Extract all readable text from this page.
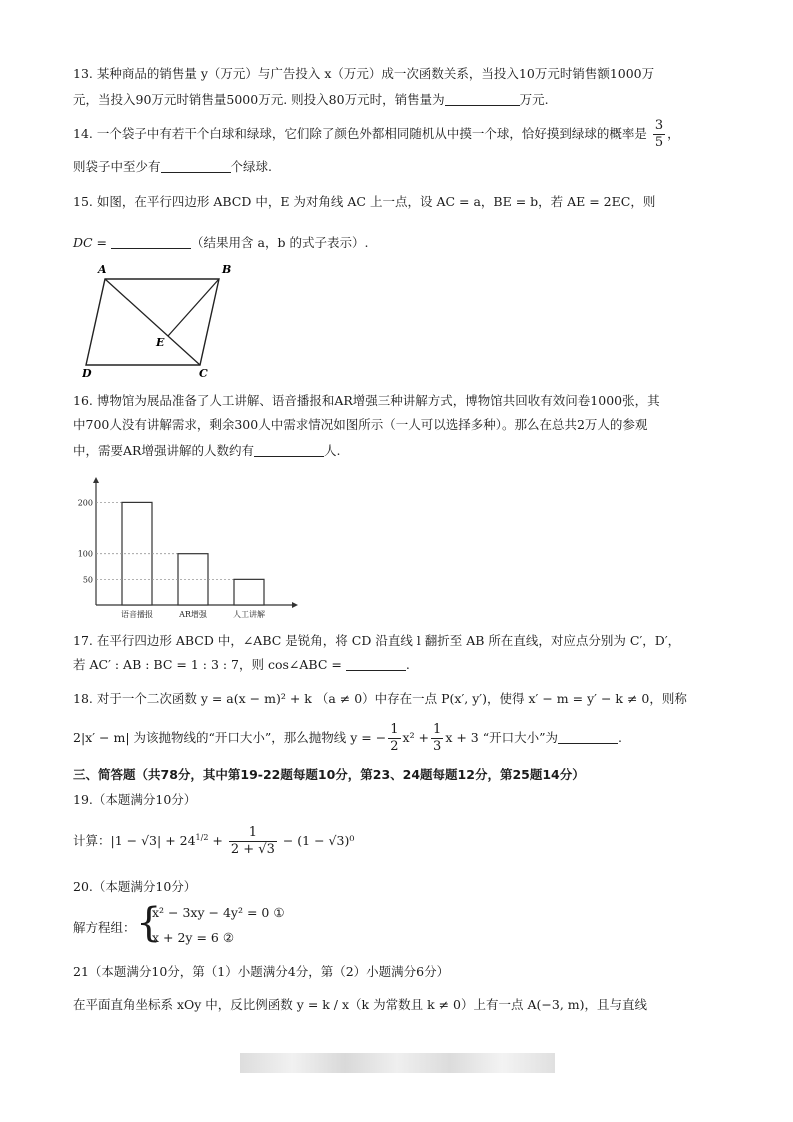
13. 某种商品的销售量 y（万元）与广告投入 x（万元）成一次函数关系，当投入10万元时销售额1000万
元，当投入90万元时销售量5000万元. 则投入80万元时，销售量为	万元.
14. 一个袋子中有若干个白球和绿球，它们除了颜色外都相同随机从中摸一个球，恰好摸到绿球的概率是 $\frac{3}{5}$ ，
则袋子中至少有	个绿球.
15. 如图，在平行四边形 ABCD 中，E 为对角线 AC 上一点，设 AC = a，BE = b，若 AE = 2EC，则
DC =	（结果用含 a，b 的式子表示）.
A	B
C
D
E
16. 博物馆为展品准备了人工讲解、语音播报和AR增强三种讲解方式，博物馆共回收有效问卷1000张，其
中700人没有讲解需求，剩余300人中需求情况如图所示（一人可以选择多种）。那么在总共2万人的参观
中，需要AR增强讲解的人数约有	人.
200
语音播报
100
AR增强
50
人工讲解
17. 在平行四边形 ABCD 中，∠ABC 是锐角，将 CD 沿直线 l 翻折至 AB 所在直线，对应点分别为 C′，D′，
若 AC′ : AB : BC = 1 : 3 : 7，则 cos∠ABC =	.
18. 对于一个二次函数 y = a(x − m)² + k （a ≠ 0）中存在一点 P(x′, y′)，使得 x′ − m = y′ − k ≠ 0，则称
2|x′ − m| 为该抛物线的“开口大小”，那么抛物线 y = − $\frac{1}{2} x^2 + \frac{1}{3}$ x + 3 “开口大小”为	.
三、简答题（共78分，其中第19-22题每题10分，第23、24题每题12分，第25题14分）
19.（本题满分10分）
计算：$|1 - √3| + 24^{1/2} + \frac{1}{2 + √3} - (1 - √3)^0$
20.（本题满分10分）
解方程组： {
x² − 3xy − 4y² = 0 ①
x + 2y = 6 ②
21（本题满分10分，第（1）小题满分4分，第（2）小题满分6分）
在平面直角坐标系 xOy 中，反比例函数 y = k / x（k 为常数且 k ≠ 0）上有一点 A(−3, m)，且与直线
